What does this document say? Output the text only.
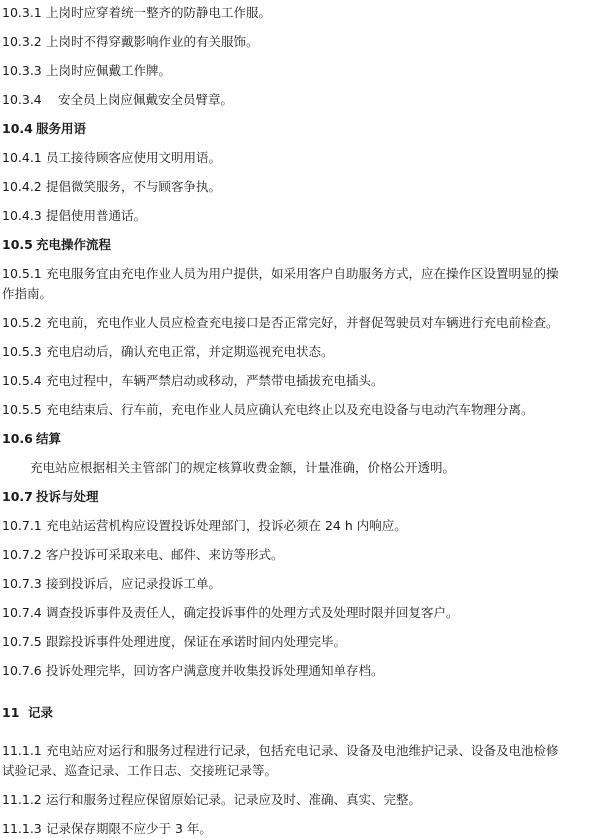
10.3.1 上岗时应穿着统一整齐的防静电工作服。
10.3.2 上岗时不得穿戴影响作业的有关服饰。
10.3.3 上岗时应佩戴工作牌。
10.3.4 安全员上岗应佩戴安全员臂章。
10.4 服务用语
10.4.1 员工接待顾客应使用文明用语。
10.4.2 提倡微笑服务，不与顾客争执。
10.4.3 提倡使用普通话。
10.5 充电操作流程
10.5.1 充电服务宜由充电作业人员为用户提供，如采用客户自助服务方式，应在操作区设置明显的操
作指南。
10.5.2 充电前，充电作业人员应检查充电接口是否正常完好，并督促驾驶员对车辆进行充电前检查。
10.5.3 充电启动后，确认充电正常，并定期巡视充电状态。
10.5.4 充电过程中，车辆严禁启动或移动，严禁带电插拔充电插头。
10.5.5 充电结束后、行车前，充电作业人员应确认充电终止以及充电设备与电动汽车物理分离。
10.6 结算
充电站应根据相关主管部门的规定核算收费金额，计量准确，价格公开透明。
10.7 投诉与处理
10.7.1 充电站运营机构应设置投诉处理部门，投诉必须在 24 h 内响应。
10.7.2 客户投诉可采取来电、邮件、来访等形式。
10.7.3 接到投诉后，应记录投诉工单。
10.7.4 调查投诉事件及责任人，确定投诉事件的处理方式及处理时限并回复客户。
10.7.5 跟踪投诉事件处理进度，保证在承诺时间内处理完毕。
10.7.6 投诉处理完毕，回访客户满意度并收集投诉处理通知单存档。
11 记录
11.1.1 充电站应对运行和服务过程进行记录，包括充电记录、设备及电池维护记录、设备及电池检修
试验记录、巡查记录、工作日志、交接班记录等。
11.1.2 运行和服务过程应保留原始记录。记录应及时、准确、真实、完整。
11.1.3 记录保存期限不应少于 3 年。
